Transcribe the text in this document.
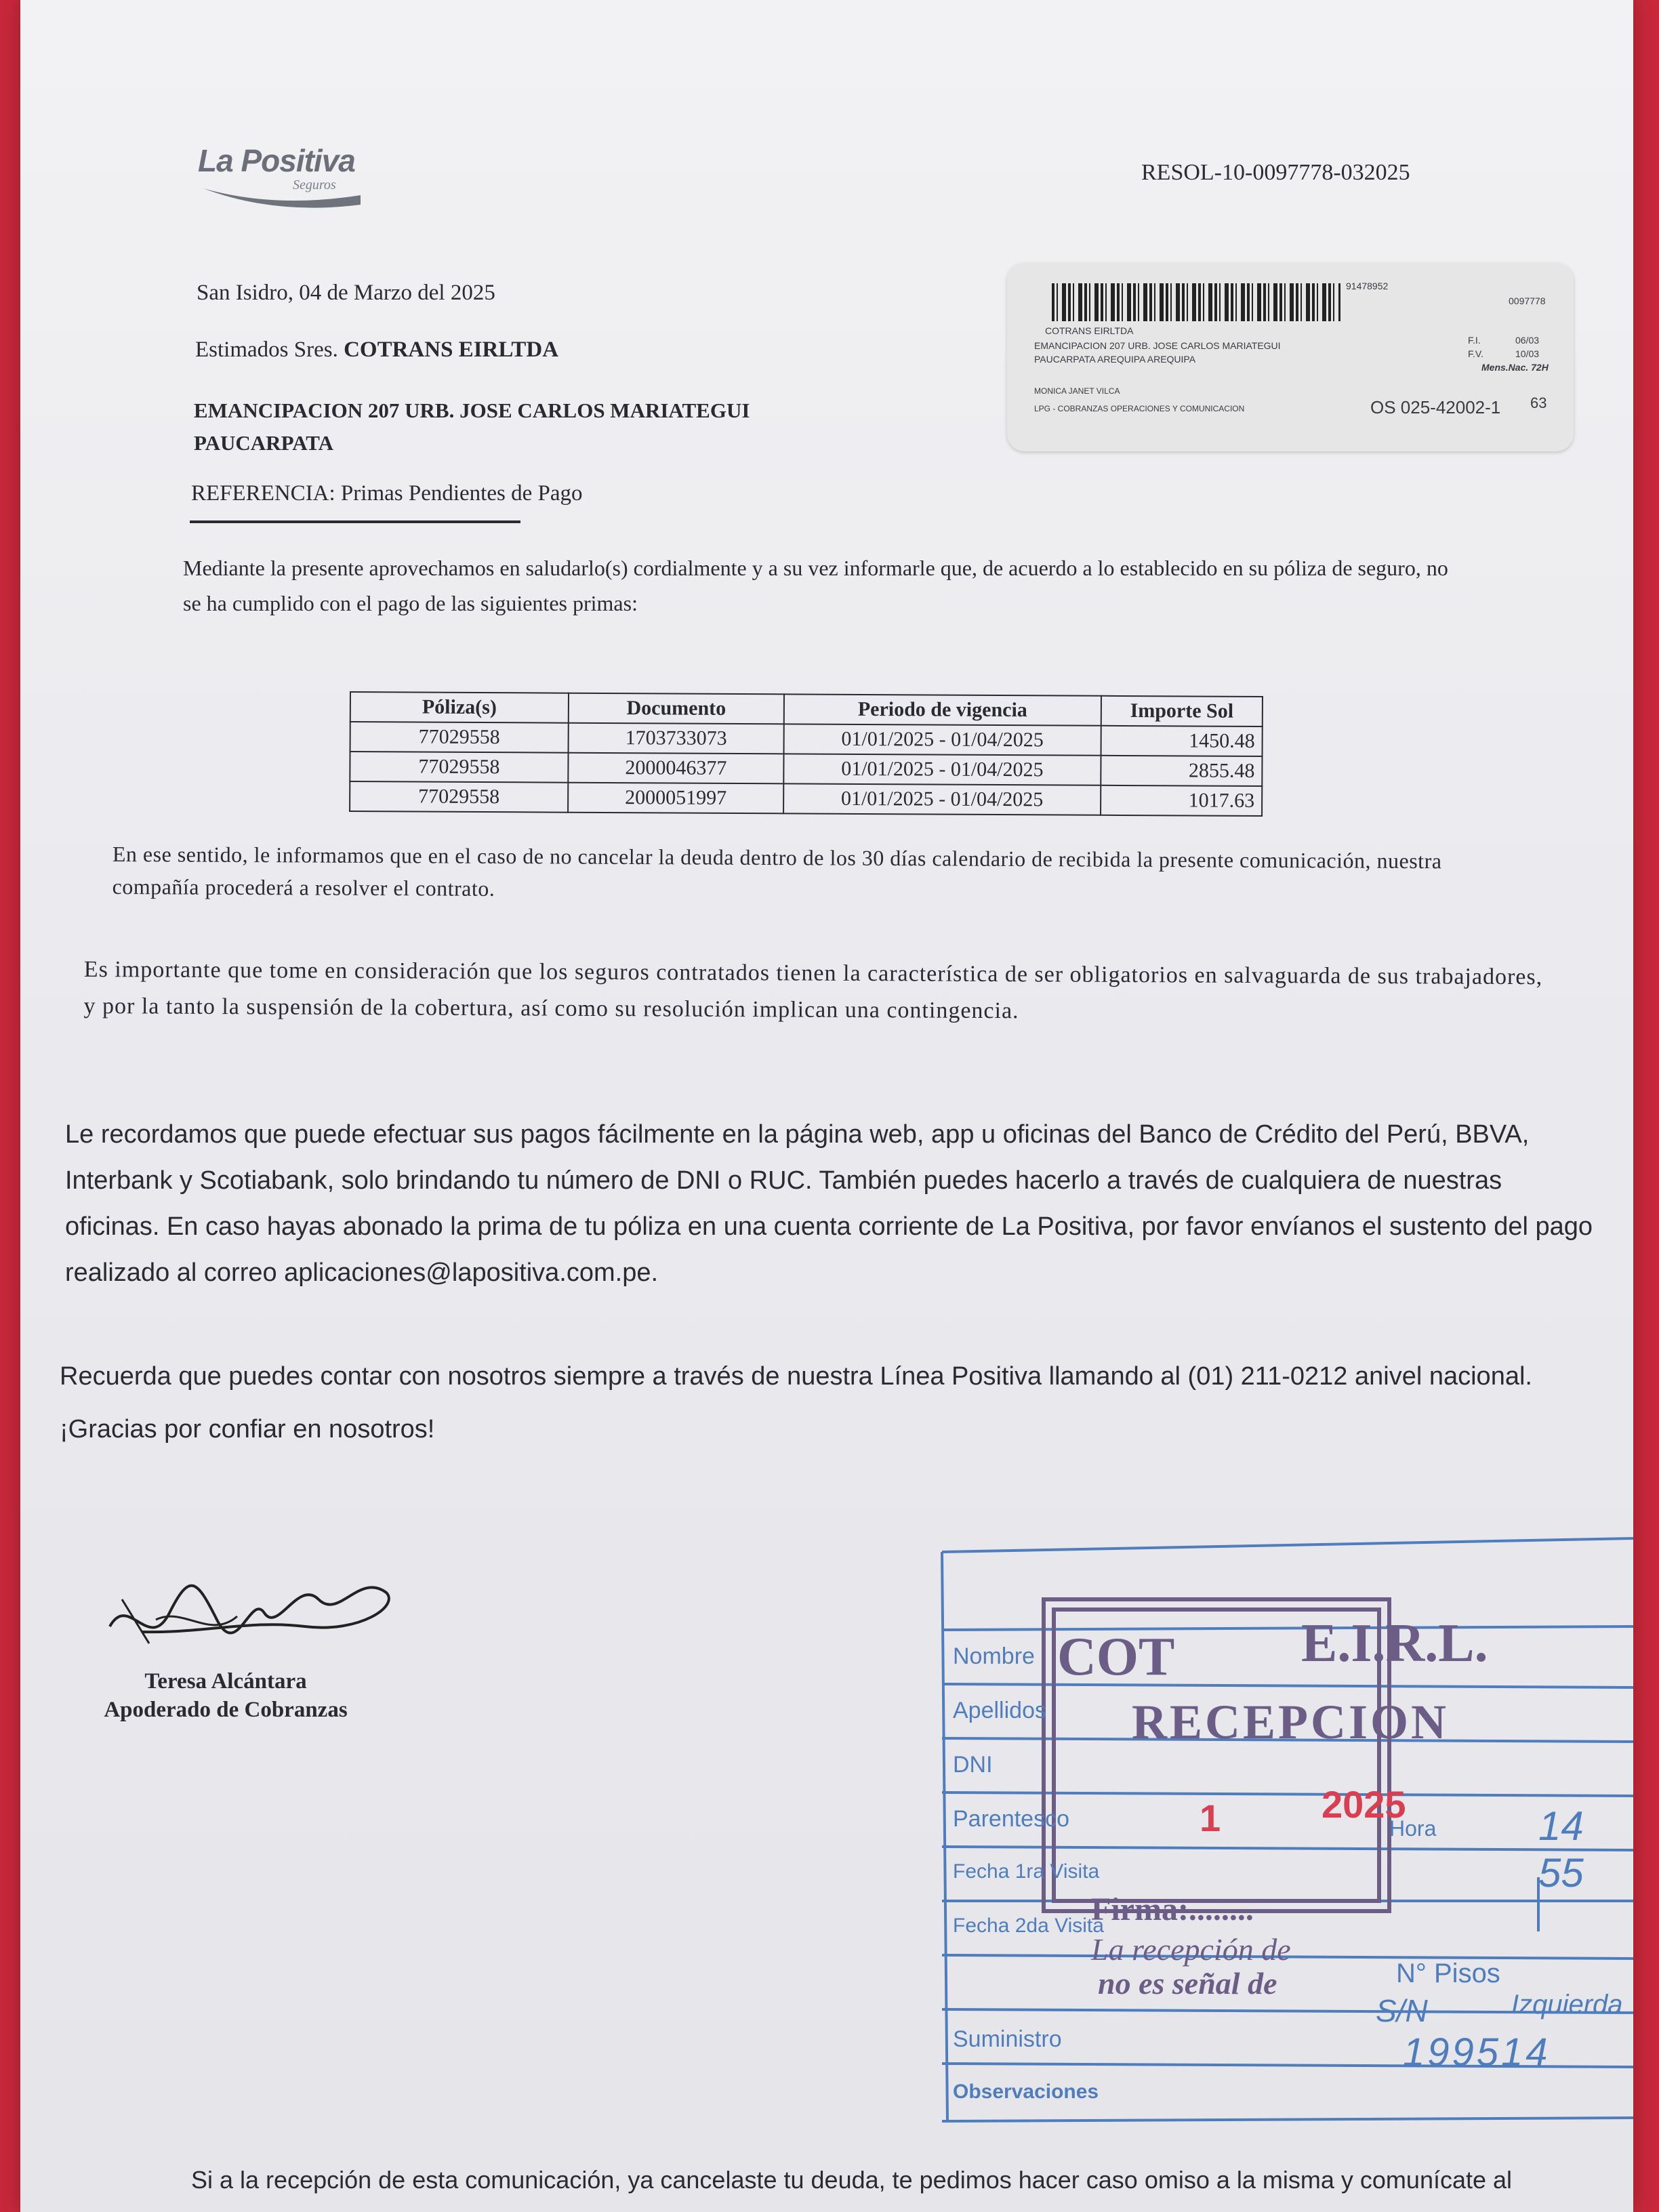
La Positiva
Seguros	RESOL-10-0097778-032025
San Isidro, 04 de Marzo del 2025
Estimados Sres. COTRANS EIRLTDA
EMANCIPACION 207 URB. JOSE CARLOS MARIATEGUI
PAUCARPATA
REFERENCIA: Primas Pendientes de Pago
91478952
0097778
COTRANS EIRLTDA
EMANCIPACION 207 URB. JOSE CARLOS MARIATEGUI
PAUCARPATA AREQUIPA AREQUIPA
F.I.	06/03
F.V.	10/03
Mens.Nac. 72H
MONICA JANET VILCA
LPG - COBRANZAS OPERACIONES Y COMUNICACION	OS 025-42002-1 63
Mediante la presente aprovechamos en saludarlo(s) cordialmente y a su vez informarle que, de acuerdo a lo establecido en su póliza de seguro, no se ha cumplido con el pago de las siguientes primas:
Póliza(s)	Documento	Periodo de vigencia	Importe Sol
77029558	1703733073	01/01/2025 - 01/04/2025	1450.48
77029558	2000046377	01/01/2025 - 01/04/2025	2855.48
77029558	2000051997	01/01/2025 - 01/04/2025	1017.63
En ese sentido, le informamos que en el caso de no cancelar la deuda dentro de los 30 días calendario de recibida la presente comunicación, nuestra compañía procederá a resolver el contrato.
Es importante que tome en consideración que los seguros contratados tienen la característica de ser obligatorios en salvaguarda de sus trabajadores, y por la tanto la suspensión de la cobertura, así como su resolución implican una contingencia.
Le recordamos que puede efectuar sus pagos fácilmente en la página web, app u oficinas del Banco de Crédito del Perú, BBVA, Interbank y Scotiabank, solo brindando tu número de DNI o RUC. También puedes hacerlo a través de cualquiera de nuestras oficinas. En caso hayas abonado la prima de tu póliza en una cuenta corriente de La Positiva, por favor envíanos el sustento del pago realizado al correo aplicaciones@lapositiva.com.pe.
Recuerda que puedes contar con nosotros siempre a través de nuestra Línea Positiva llamando al (01) 211-0212 anivel nacional. ¡Gracias por confiar en nosotros!
Teresa Alcántara
Apoderado de Cobranzas
Nombre
Apellidos
DNI
Parentesco
Fecha 1ra Visita
Fecha 2da Visita
Suministro
Observaciones
COT E.I.R.L.
RECEPCION
1	2025
Hora	14 55
Firma:........
La recepción de
no es señal de	N° Pisos
S/N	Izquierda
199514
Si a la recepción de esta comunicación, ya cancelaste tu deuda, te pedimos hacer caso omiso a la misma y comunícate al
